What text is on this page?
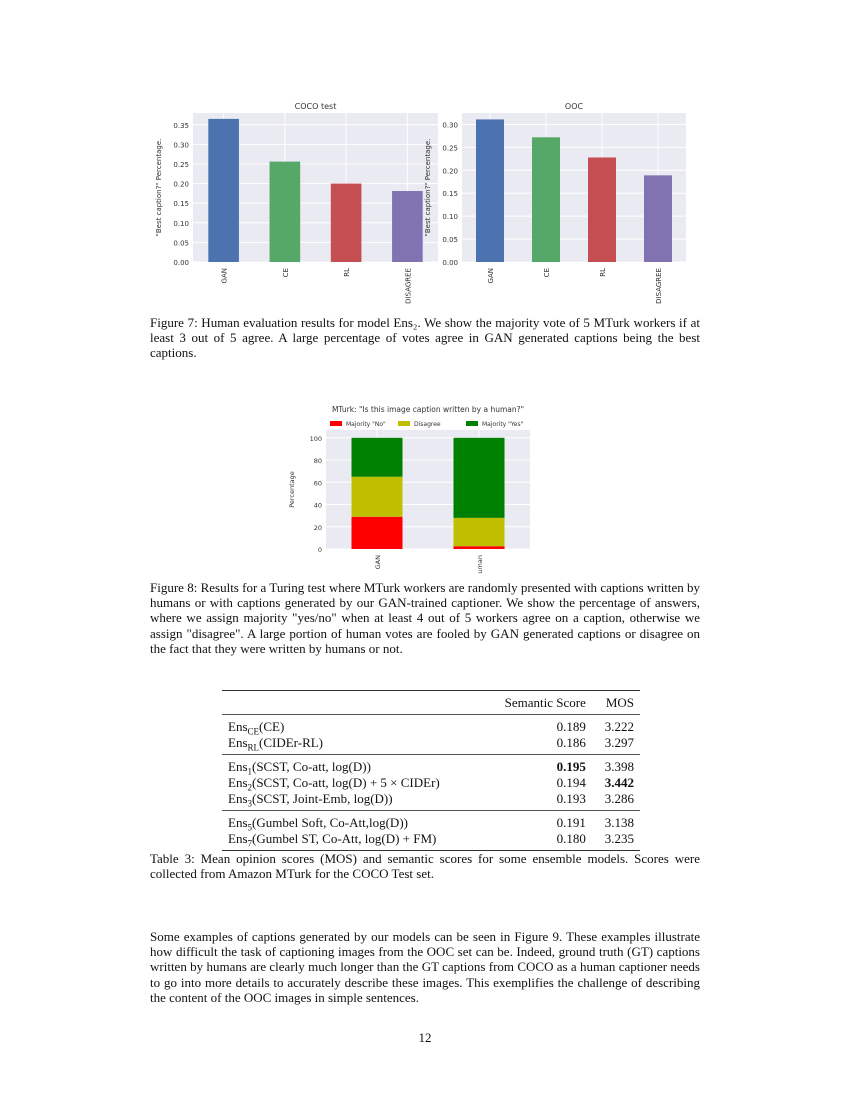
0.00
0.05
0.10
0.15
0.20
0.25
0.30
0.35
GAN	CE	RL	DISAGREE
COCO test
"Best caption?" Percentage.
0.00
0.05
0.10
0.15
0.20
0.25
0.30
GAN	CE	RL	DISAGREE
OOC
"Best caption?" Percentage.
0
20
40
60
80
100
GAN	uman
MTurk: "Is this image caption written by a human?"
Percentage
Majority "No"	Disagree	Majority "Yes"
Figure 7: Human evaluation results for model Ens₂. We show the majority vote of 5 MTurk workers if at least 3 out of 5 agree. A large percentage of votes agree in GAN generated captions being the best captions.
Figure 8: Results for a Turing test where MTurk workers are randomly presented with captions written by humans or with captions generated by our GAN-trained captioner. We show the percentage of answers, where we assign majority "yes/no" when at least 4 out of 5 workers agree on a caption, otherwise we assign "disagree". A large portion of human votes are fooled by GAN generated captions or disagree on the fact that they were written by humans or not.
	Semantic Score	MOS
Ens$_{CE}$(CE)	0.189	3.222
Ens$_{RL}$(CIDEr-RL)	0.186	3.297
Ens$_1$(SCST, Co-att, log(D))	0.195	3.398
Ens$_2$(SCST, Co-att, log(D) + 5 × CIDEr)	0.194	3.442
Ens$_3$(SCST, Joint-Emb, log(D))	0.193	3.286
Ens$_5$(Gumbel Soft, Co-Att,log(D))	0.191	3.138
Ens$_7$(Gumbel ST, Co-Att, log(D) + FM)	0.180	3.235
Table 3: Mean opinion scores (MOS) and semantic scores for some ensemble models. Scores were collected from Amazon MTurk for the COCO Test set.
Some examples of captions generated by our models can be seen in Figure 9. These examples illustrate how difficult the task of captioning images from the OOC set can be. Indeed, ground truth (GT) captions written by humans are clearly much longer than the GT captions from COCO as a human captioner needs to go into more details to accurately describe these images. This exemplifies the challenge of describing the content of the OOC images in simple sentences.
12
